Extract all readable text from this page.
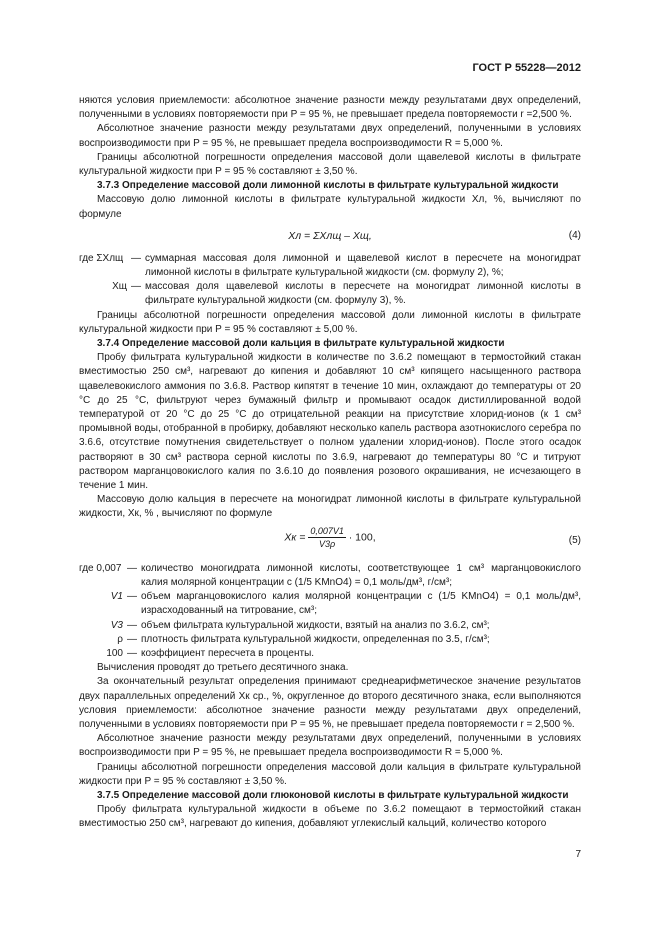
ГОСТ Р 55228—2012

няются условия приемлемости: абсолютное значение разности между результатами двух определений, полученными в условиях повторяемости при P = 95 %, не превышает предела повторяемости r =2,500 %.

Абсолютное значение разности между результатами двух определений, полученными в условиях воспроизводимости при P = 95 %, не превышает предела воспроизводимости R = 5,000 %.

Границы абсолютной погрешности определения массовой доли щавелевой кислоты в фильтрате культуральной жидкости при P = 95 % составляют ± 3,50 %.

3.7.3 Определение массовой доли лимонной кислоты в фильтрате культуральной жидкости

Массовую долю лимонной кислоты в фильтрате культуральной жидкости Xл, %, вычисляют по формуле

Xл = ΣXлщ – Xщ,	(4)
где ΣXлщ — суммарная массовая доля лимонной и щавелевой кислот в пересчете на моногидрат лимонной кислоты в фильтрате культуральной жидкости (см. формулу 2), %;
Xщ — массовая доля щавелевой кислоты в пересчете на моногидрат лимонной кислоты в фильтрате культуральной жидкости (см. формулу 3), %.

Границы абсолютной погрешности определения массовой доли лимонной кислоты в фильтрате культуральной жидкости при P = 95 % составляют ± 5,00 %.

3.7.4 Определение массовой доли кальция в фильтрате культуральной жидкости

Пробу фильтрата культуральной жидкости в количестве по 3.6.2 помещают в термостойкий стакан вместимостью 250 см³, нагревают до кипения и добавляют 10 см³ кипящего насыщенного раствора щавелевокислого аммония по 3.6.8. Раствор кипятят в течение 10 мин, охлаждают до температуры от 20 °С до 25 °С, фильтруют через бумажный фильтр и промывают осадок дистиллированной водой температурой от 20 °С до 25 °С до отрицательной реакции на присутствие хлорид-ионов (к 1 см³ промывной воды, отобранной в пробирку, добавляют несколько капель раствора азотнокислого серебра по 3.6.6, отсутствие помутнения свидетельствует о полном удалении хлорид-ионов). После этого осадок растворяют в 30 см³ раствора серной кислоты по 3.6.9, нагревают до температуры 80 °С и титруют раствором марганцовокислого калия по 3.6.10 до появления розового окрашивания, не исчезающего в течение 1 мин.

Массовую долю кальция в пересчете на моногидрат лимонной кислоты в фильтрате культуральной жидкости, Xк, % , вычисляют по формуле

Xк = $\frac{0,007V1}{V3\rho} \cdot 100$,	(5)
где 0,007 — количество моногидрата лимонной кислоты, соответствующее 1 см³ марганцовокислого калия молярной концентрации c (1/5 KMnO4) = 0,1 моль/дм³, г/см³;
V1 — объем марганцовокислого калия молярной концентрации c (1/5 KMnO4) = 0,1 моль/дм³, израсходованный на титрование, см³;
V3 — объем фильтрата культуральной жидкости, взятый на анализ по 3.6.2, см³;
ρ — плотность фильтрата культуральной жидкости, определенная по 3.5, г/см³;
100 — коэффициент пересчета в проценты.

Вычисления проводят до третьего десятичного знака.

За окончательный результат определения принимают среднеарифметическое значение результатов двух параллельных определений Xк ср., %, округленное до второго десятичного знака, если выполняются условия приемлемости: абсолютное значение разности между результатами двух определений, полученными в условиях повторяемости при P = 95 %, не превышает предела повторяемости r = 2,500 %.

Абсолютное значение разности между результатами двух определений, полученными в условиях воспроизводимости при P = 95 %, не превышает предела воспроизводимости R = 5,000 %.

Границы абсолютной погрешности определения массовой доли кальция в фильтрате культуральной жидкости при P = 95 % составляют ± 3,50 %.

3.7.5 Определение массовой доли глюконовой кислоты в фильтрате культуральной жидкости

Пробу фильтрата культуральной жидкости в объеме по 3.6.2 помещают в термостойкий стакан вместимостью 250 см³, нагревают до кипения, добавляют углекислый кальций, количество которого

7
